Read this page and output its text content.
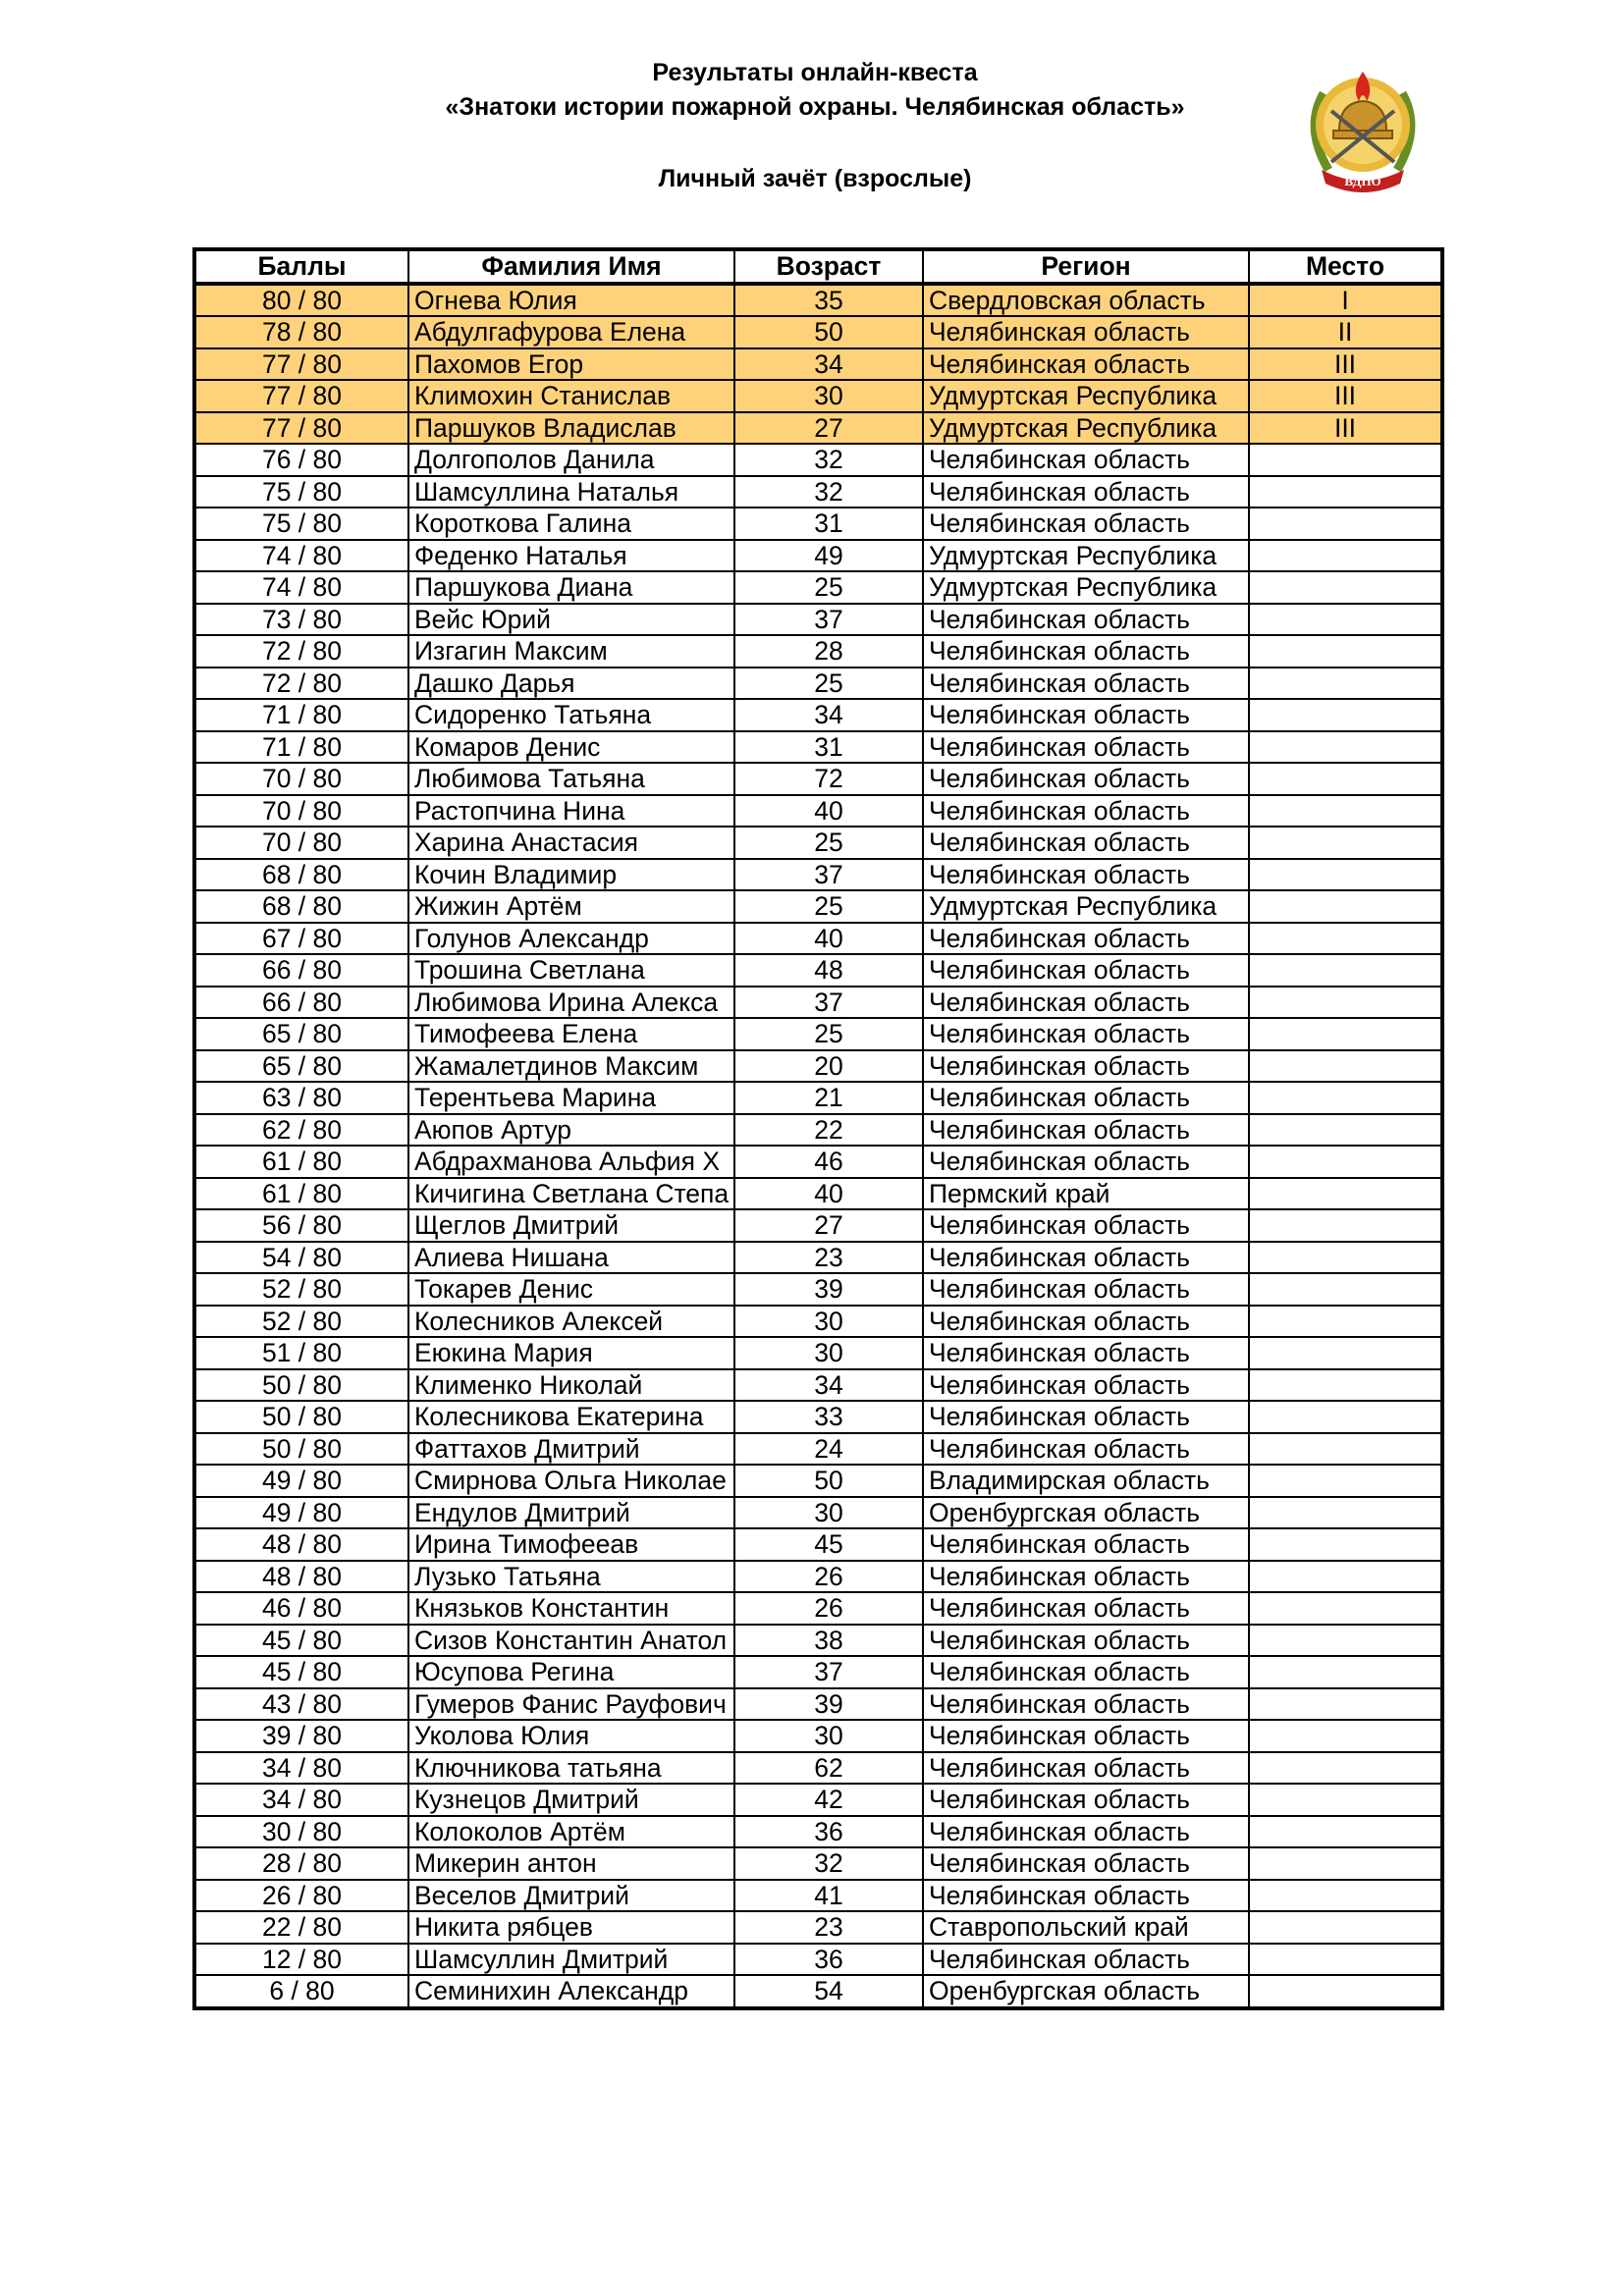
Результаты онлайн-квеста
«Знатоки истории пожарной охраны. Челябинская область»
Личный зачёт (взрослые)	ВДПО
Баллы	Фамилия Имя	Возраст	Регион	Место
80 / 80	Огнева Юлия	35	Свердловская область	I
78 / 80	Абдулгафурова Елена	50	Челябинская область	II
77 / 80	Пахомов Егор	34	Челябинская область	III
77 / 80	Климохин Станислав	30	Удмуртская Республика	III
77 / 80	Паршуков Владислав	27	Удмуртская Республика	III
76 / 80	Долгополов Данила	32	Челябинская область	
75 / 80	Шамсуллина Наталья	32	Челябинская область	
75 / 80	Короткова Галина	31	Челябинская область	
74 / 80	Феденко Наталья	49	Удмуртская Республика	
74 / 80	Паршукова Диана	25	Удмуртская Республика	
73 / 80	Вейс Юрий	37	Челябинская область	
72 / 80	Изгагин Максим	28	Челябинская область	
72 / 80	Дашко Дарья	25	Челябинская область	
71 / 80	Сидоренко Татьяна	34	Челябинская область	
71 / 80	Комаров Денис	31	Челябинская область	
70 / 80	Любимова Татьяна	72	Челябинская область	
70 / 80	Растопчина Нина	40	Челябинская область	
70 / 80	Харина Анастасия	25	Челябинская область	
68 / 80	Кочин Владимир	37	Челябинская область	
68 / 80	Жижин Артём	25	Удмуртская Республика	
67 / 80	Голунов Александр	40	Челябинская область	
66 / 80	Трошина Светлана	48	Челябинская область	
66 / 80	Любимова Ирина Алекса	37	Челябинская область	
65 / 80	Тимофеева Елена	25	Челябинская область	
65 / 80	Жамалетдинов Максим	20	Челябинская область	
63 / 80	Терентьева Марина	21	Челябинская область	
62 / 80	Аюпов Артур	22	Челябинская область	
61 / 80	Абдрахманова Альфия Х	46	Челябинская область	
61 / 80	Кичигина Светлана Степа	40	Пермский край	
56 / 80	Щеглов Дмитрий	27	Челябинская область	
54 / 80	Алиева Нишана	23	Челябинская область	
52 / 80	Токарев Денис	39	Челябинская область	
52 / 80	Колесников Алексей	30	Челябинская область	
51 / 80	Еюкина Мария	30	Челябинская область	
50 / 80	Клименко Николай	34	Челябинская область	
50 / 80	Колесникова Екатерина	33	Челябинская область	
50 / 80	Фаттахов Дмитрий	24	Челябинская область	
49 / 80	Смирнова Ольга Николае	50	Владимирская область	
49 / 80	Ендулов Дмитрий	30	Оренбургская область	
48 / 80	Ирина Тимофееав	45	Челябинская область	
48 / 80	Лузько Татьяна	26	Челябинская область	
46 / 80	Князьков Константин	26	Челябинская область	
45 / 80	Сизов Константин Анатол	38	Челябинская область	
45 / 80	Юсупова Регина	37	Челябинская область	
43 / 80	Гумеров Фанис Рауфович	39	Челябинская область	
39 / 80	Уколова Юлия	30	Челябинская область	
34 / 80	Ключникова татьяна	62	Челябинская область	
34 / 80	Кузнецов Дмитрий	42	Челябинская область	
30 / 80	Колоколов Артём	36	Челябинская область	
28 / 80	Микерин антон	32	Челябинская область	
26 / 80	Веселов Дмитрий	41	Челябинская область	
22 / 80	Никита рябцев	23	Ставропольский край	
12 / 80	Шамсуллин Дмитрий	36	Челябинская область	
6 / 80	Семинихин Александр	54	Оренбургская область	
